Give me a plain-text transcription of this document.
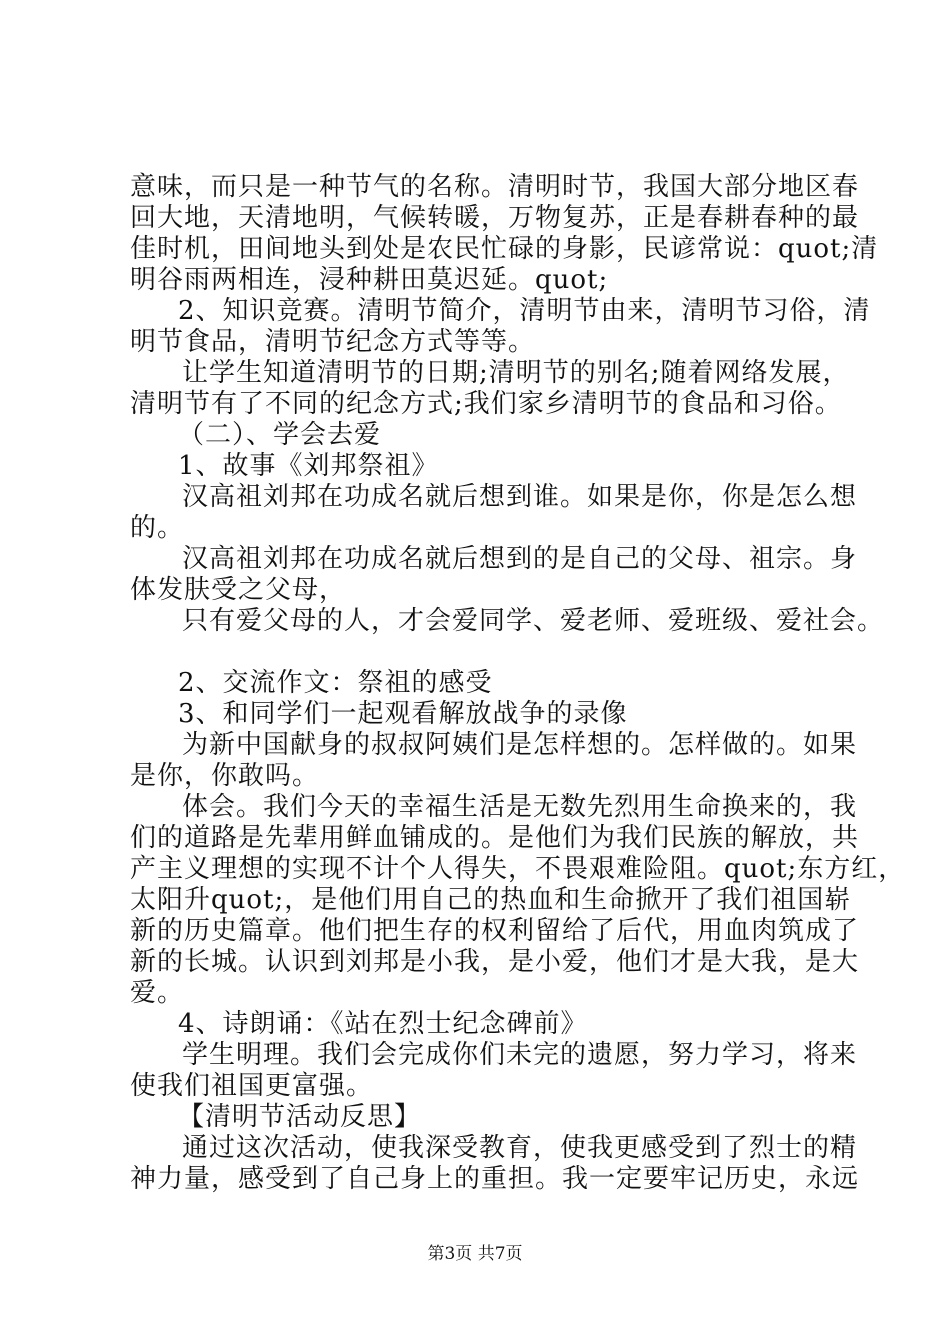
意味，而只是一种节气的名称。清明时节，我国大部分地区春
回大地，天清地明，气候转暖，万物复苏，正是春耕春种的最
佳时机，田间地头到处是农民忙碌的身影，民谚常说：quot;清
明谷雨两相连，浸种耕田莫迟延。quot;
2、知识竞赛。清明节简介，清明节由来，清明节习俗，清
明节食品，清明节纪念方式等等。
让学生知道清明节的日期;清明节的别名;随着网络发展，
清明节有了不同的纪念方式;我们家乡清明节的食品和习俗。
（二）、学会去爱
1、故事《刘邦祭祖》
汉高祖刘邦在功成名就后想到谁。如果是你，你是怎么想
的。
汉高祖刘邦在功成名就后想到的是自己的父母、祖宗。身
体发肤受之父母，
只有爱父母的人，才会爱同学、爱老师、爱班级、爱社会。
2、交流作文：祭祖的感受
3、和同学们一起观看解放战争的录像
为新中国献身的叔叔阿姨们是怎样想的。怎样做的。如果
是你，你敢吗。
体会。我们今天的幸福生活是无数先烈用生命换来的，我
们的道路是先辈用鲜血铺成的。是他们为我们民族的解放，共
产主义理想的实现不计个人得失，不畏艰难险阻。quot;东方红，
太阳升quot;，是他们用自己的热血和生命掀开了我们祖国崭
新的历史篇章。他们把生存的权利留给了后代，用血肉筑成了
新的长城。认识到刘邦是小我，是小爱，他们才是大我，是大
爱。
4、诗朗诵：《站在烈士纪念碑前》
学生明理。我们会完成你们未完的遗愿，努力学习，将来
使我们祖国更富强。
【清明节活动反思】
通过这次活动，使我深受教育，使我更感受到了烈士的精
神力量，感受到了自己身上的重担。我一定要牢记历史，永远
第3页 共7页
